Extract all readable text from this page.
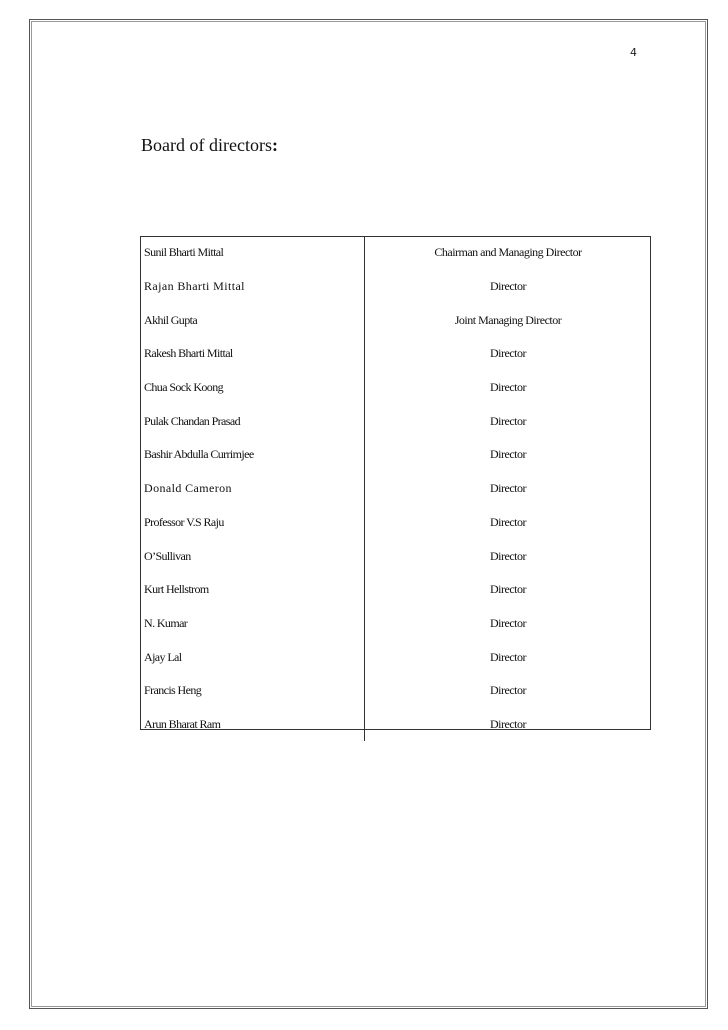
4
Board of directors:
Sunil Bharti Mittal	Chairman and Managing Director
Rajan Bharti Mittal	Director
Akhil Gupta	Joint Managing Director
Rakesh Bharti Mittal	Director
Chua Sock Koong	Director
Pulak Chandan Prasad	Director
Bashir Abdulla Currimjee	Director
Donald Cameron	Director
Professor V.S Raju	Director
O’Sullivan	Director
Kurt Hellstrom	Director
N. Kumar	Director
Ajay Lal	Director
Francis Heng	Director
Arun Bharat Ram	Director
